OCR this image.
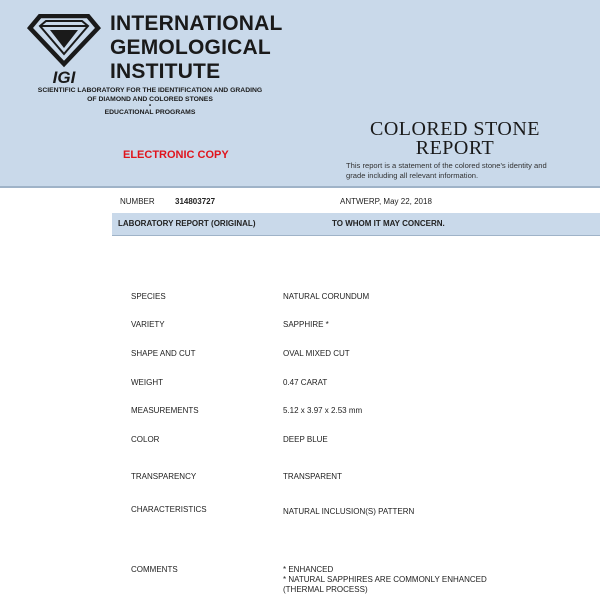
IGI
INTERNATIONAL
GEMOLOGICAL
INSTITUTE
SCIENTIFIC LABORATORY FOR THE IDENTIFICATION AND GRADING
OF DIAMOND AND COLORED STONES
•
EDUCATIONAL PROGRAMS
ELECTRONIC COPY
COLORED STONE
REPORT
This report is a statement of the colored stone's identity and grade including all relevant information.
NUMBER	314803727	ANTWERP, May 22, 2018
LABORATORY REPORT (ORIGINAL)	TO WHOM IT MAY CONCERN.
SPECIES	NATURAL CORUNDUM
VARIETY	SAPPHIRE *
SHAPE AND CUT	OVAL MIXED CUT
WEIGHT	0.47 CARAT
MEASUREMENTS	5.12 x 3.97 x 2.53 mm
COLOR	DEEP BLUE
TRANSPARENCY	TRANSPARENT
CHARACTERISTICS	NATURAL INCLUSION(S) PATTERN
COMMENTS	* ENHANCED
* NATURAL SAPPHIRES ARE COMMONLY ENHANCED
(THERMAL PROCESS)
